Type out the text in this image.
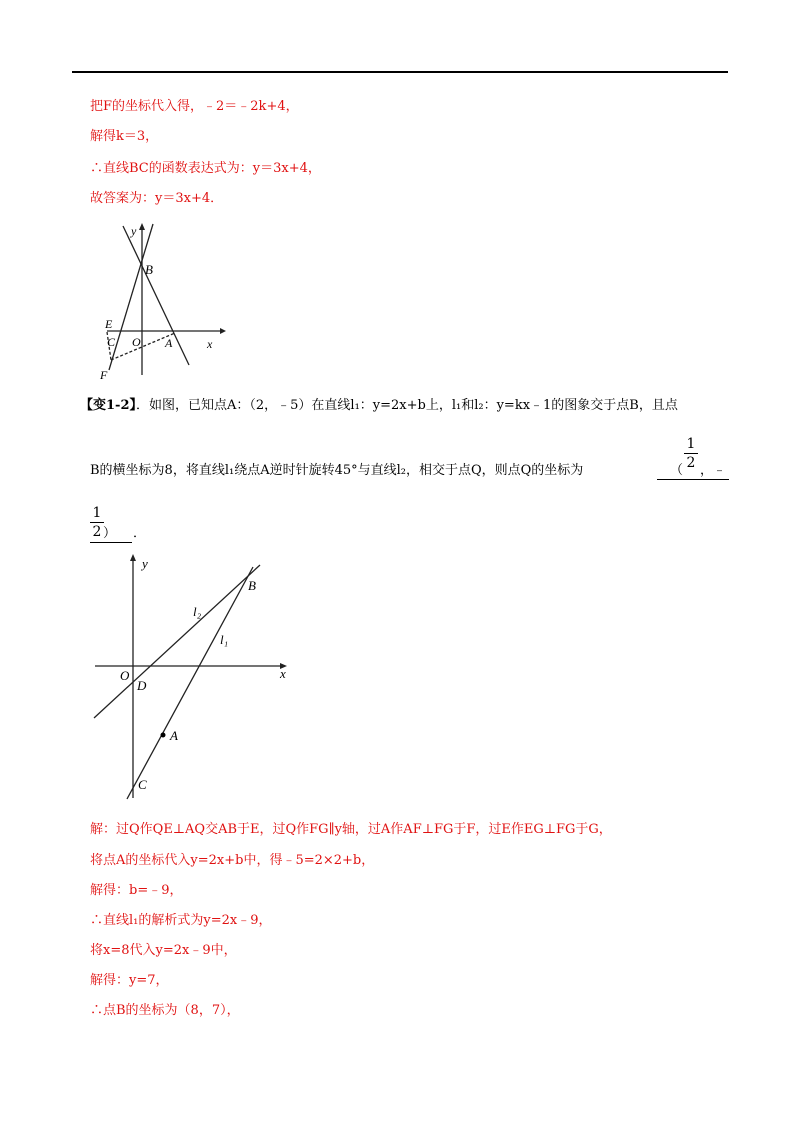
把F的坐标代入得，﹣2＝﹣2k+4，
解得k＝3，
∴直线BC的函数表达式为：y＝3x+4，
故答案为：y＝3x+4．
y
B
E
C O A	x
F
【变1-2】．如图，已知点A：（2，﹣5）在直线l₁：y=2x+b上，l₁和l₂：y=kx﹣1的图象交于点B，且点
B的横坐标为8，将直线l₁绕点A逆时针旋转45°与直线l₂，相交于点Q，则点Q的坐标为
1
2
（ ，﹣
1
2 ） ．
y
B
l₂
l₁
O
D
x
A
C
解：过Q作QE⊥AQ交AB于E，过Q作FG∥y轴，过A作AF⊥FG于F，过E作EG⊥FG于G，
将点A的坐标代入y=2x+b中，得﹣5=2×2+b，
解得：b=﹣9，
∴直线l₁的解析式为y=2x﹣9，
将x=8代入y=2x﹣9中，
解得：y=7，
∴点B的坐标为（8，7），
